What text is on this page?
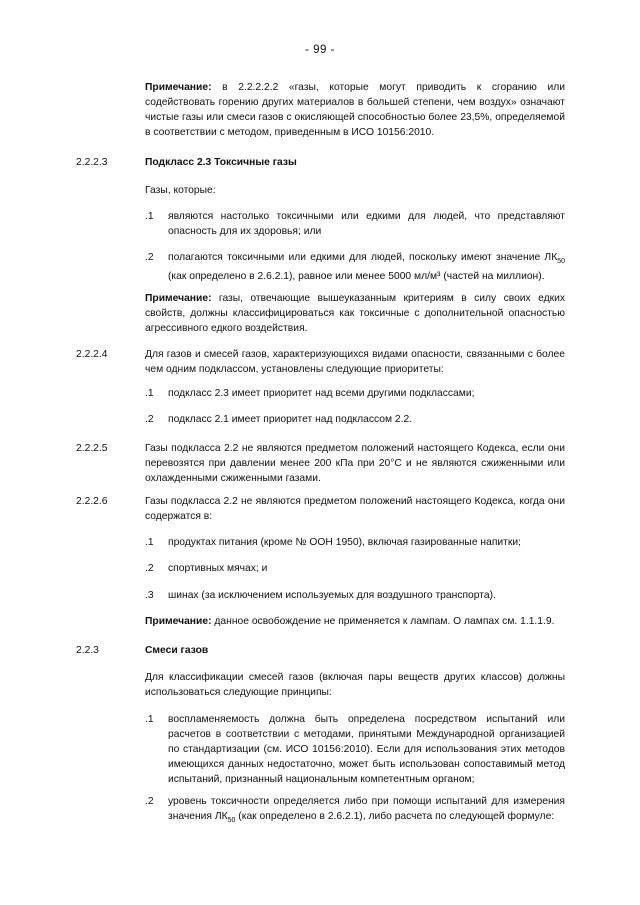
- 99 -
Примечание: в 2.2.2.2.2 «газы, которые могут приводить к сгоранию или содействовать горению других материалов в большей степени, чем воздух» означают чистые газы или смеси газов с окисляющей способностью более 23,5%, определяемой в соответствии с методом, приведенным в ИСО 10156:2010.
2.2.2.3	Подкласс 2.3 Токсичные газы
Газы, которые:
.1 являются настолько токсичными или едкими для людей, что представляют опасность для их здоровья; или
.2 полагаются токсичными или едкими для людей, поскольку имеют значение $ЛК_{50}$ (как определено в 2.6.2.1), равное или менее 5000 мл/м³ (частей на миллион).
Примечание: газы, отвечающие вышеуказанным критериям в силу своих едких свойств, должны классифицироваться как токсичные с дополнительной опасностью агрессивного едкого воздействия.
2.2.2.4	Для газов и смесей газов, характеризующихся видами опасности, связанными с более чем одним подклассом, установлены следующие приоритеты:
.1 подкласс 2.3 имеет приоритет над всеми другими подклассами;
.2 подкласс 2.1 имеет приоритет над подклассом 2.2.
2.2.2.5	Газы подкласса 2.2 не являются предметом положений настоящего Кодекса, если они перевозятся при давлении менее 200 кПа при 20°C и не являются сжиженными или охлажденными сжиженными газами.
2.2.2.6	Газы подкласса 2.2 не являются предметом положений настоящего Кодекса, когда они содержатся в:
.1 продуктах питания (кроме № ООН 1950), включая газированные напитки;
.2 спортивных мячах; и
.3 шинах (за исключением используемых для воздушного транспорта).
Примечание: данное освобождение не применяется к лампам. О лампах см. 1.1.1.9.
2.2.3	Смеси газов
Для классификации смесей газов (включая пары веществ других классов) должны использоваться следующие принципы:
.1 воспламеняемость должна быть определена посредством испытаний или расчетов в соответствии с методами, принятыми Международной организацией по стандартизации (см. ИСО 10156:2010). Если для использования этих методов имеющихся данных недостаточно, может быть использован сопоставимый метод испытаний, признанный национальным компетентным органом;
.2 уровень токсичности определяется либо при помощи испытаний для измерения значения $ЛК_{50}$ (как определено в 2.6.2.1), либо расчета по следующей формуле:
